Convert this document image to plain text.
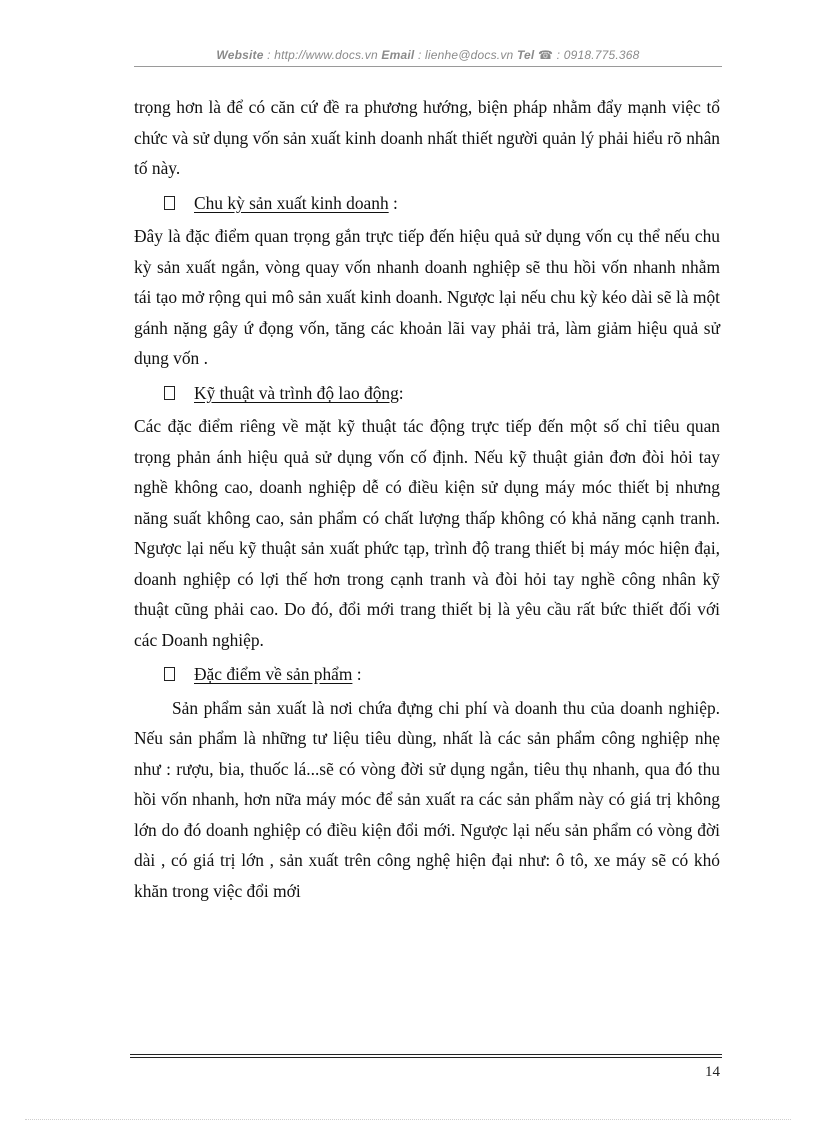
Website : http://www.docs.vn Email : lienhe@docs.vn Tel ☎ : 0918.775.368

trọng hơn là để có căn cứ đề ra phương hướng, biện pháp nhằm đẩy mạnh việc tổ chức và sử dụng vốn sản xuất kinh doanh nhất thiết người quản lý phải hiểu rõ nhân tố này.

Chu kỳ sản xuất kinh doanh :

Đây là đặc điểm quan trọng gắn trực tiếp đến hiệu quả sử dụng vốn cụ thể nếu chu kỳ sản xuất ngắn, vòng quay vốn nhanh doanh nghiệp sẽ thu hồi vốn nhanh nhằm tái tạo mở rộng qui mô sản xuất kinh doanh. Ngược lại nếu chu kỳ kéo dài sẽ là một gánh nặng gây ứ đọng vốn, tăng các khoản lãi vay phải trả, làm giảm hiệu quả sử dụng vốn .

Kỹ thuật và trình độ lao động:

Các đặc điểm riêng về mặt kỹ thuật tác động trực tiếp đến một số chỉ tiêu quan trọng phản ánh hiệu quả sử dụng vốn cố định. Nếu kỹ thuật giản đơn đòi hỏi tay nghề không cao, doanh nghiệp dễ có điều kiện sử dụng máy móc thiết bị nhưng năng suất không cao, sản phẩm có chất lượng thấp không có khả năng cạnh tranh. Ngược lại nếu kỹ thuật sản xuất phức tạp, trình độ trang thiết bị máy móc hiện đại, doanh nghiệp có lợi thế hơn trong cạnh tranh và đòi hỏi tay nghề công nhân kỹ thuật cũng phải cao. Do đó, đổi mới trang thiết bị là yêu cầu rất bức thiết đối với các Doanh nghiệp.

Đặc điểm về sản phẩm :

Sản phẩm sản xuất là nơi chứa đựng chi phí và doanh thu của doanh nghiệp. Nếu sản phẩm là những tư liệu tiêu dùng, nhất là các sản phẩm công nghiệp nhẹ như : rượu, bia, thuốc lá...sẽ có vòng đời sử dụng ngắn, tiêu thụ nhanh, qua đó thu hồi vốn nhanh, hơn nữa máy móc để sản xuất ra các sản phẩm này có giá trị không lớn do đó doanh nghiệp có điều kiện đổi mới. Ngược lại nếu sản phẩm có vòng đời dài , có giá trị lớn , sản xuất trên công nghệ hiện đại như: ô tô, xe máy sẽ có khó khăn trong việc đổi mới

14
